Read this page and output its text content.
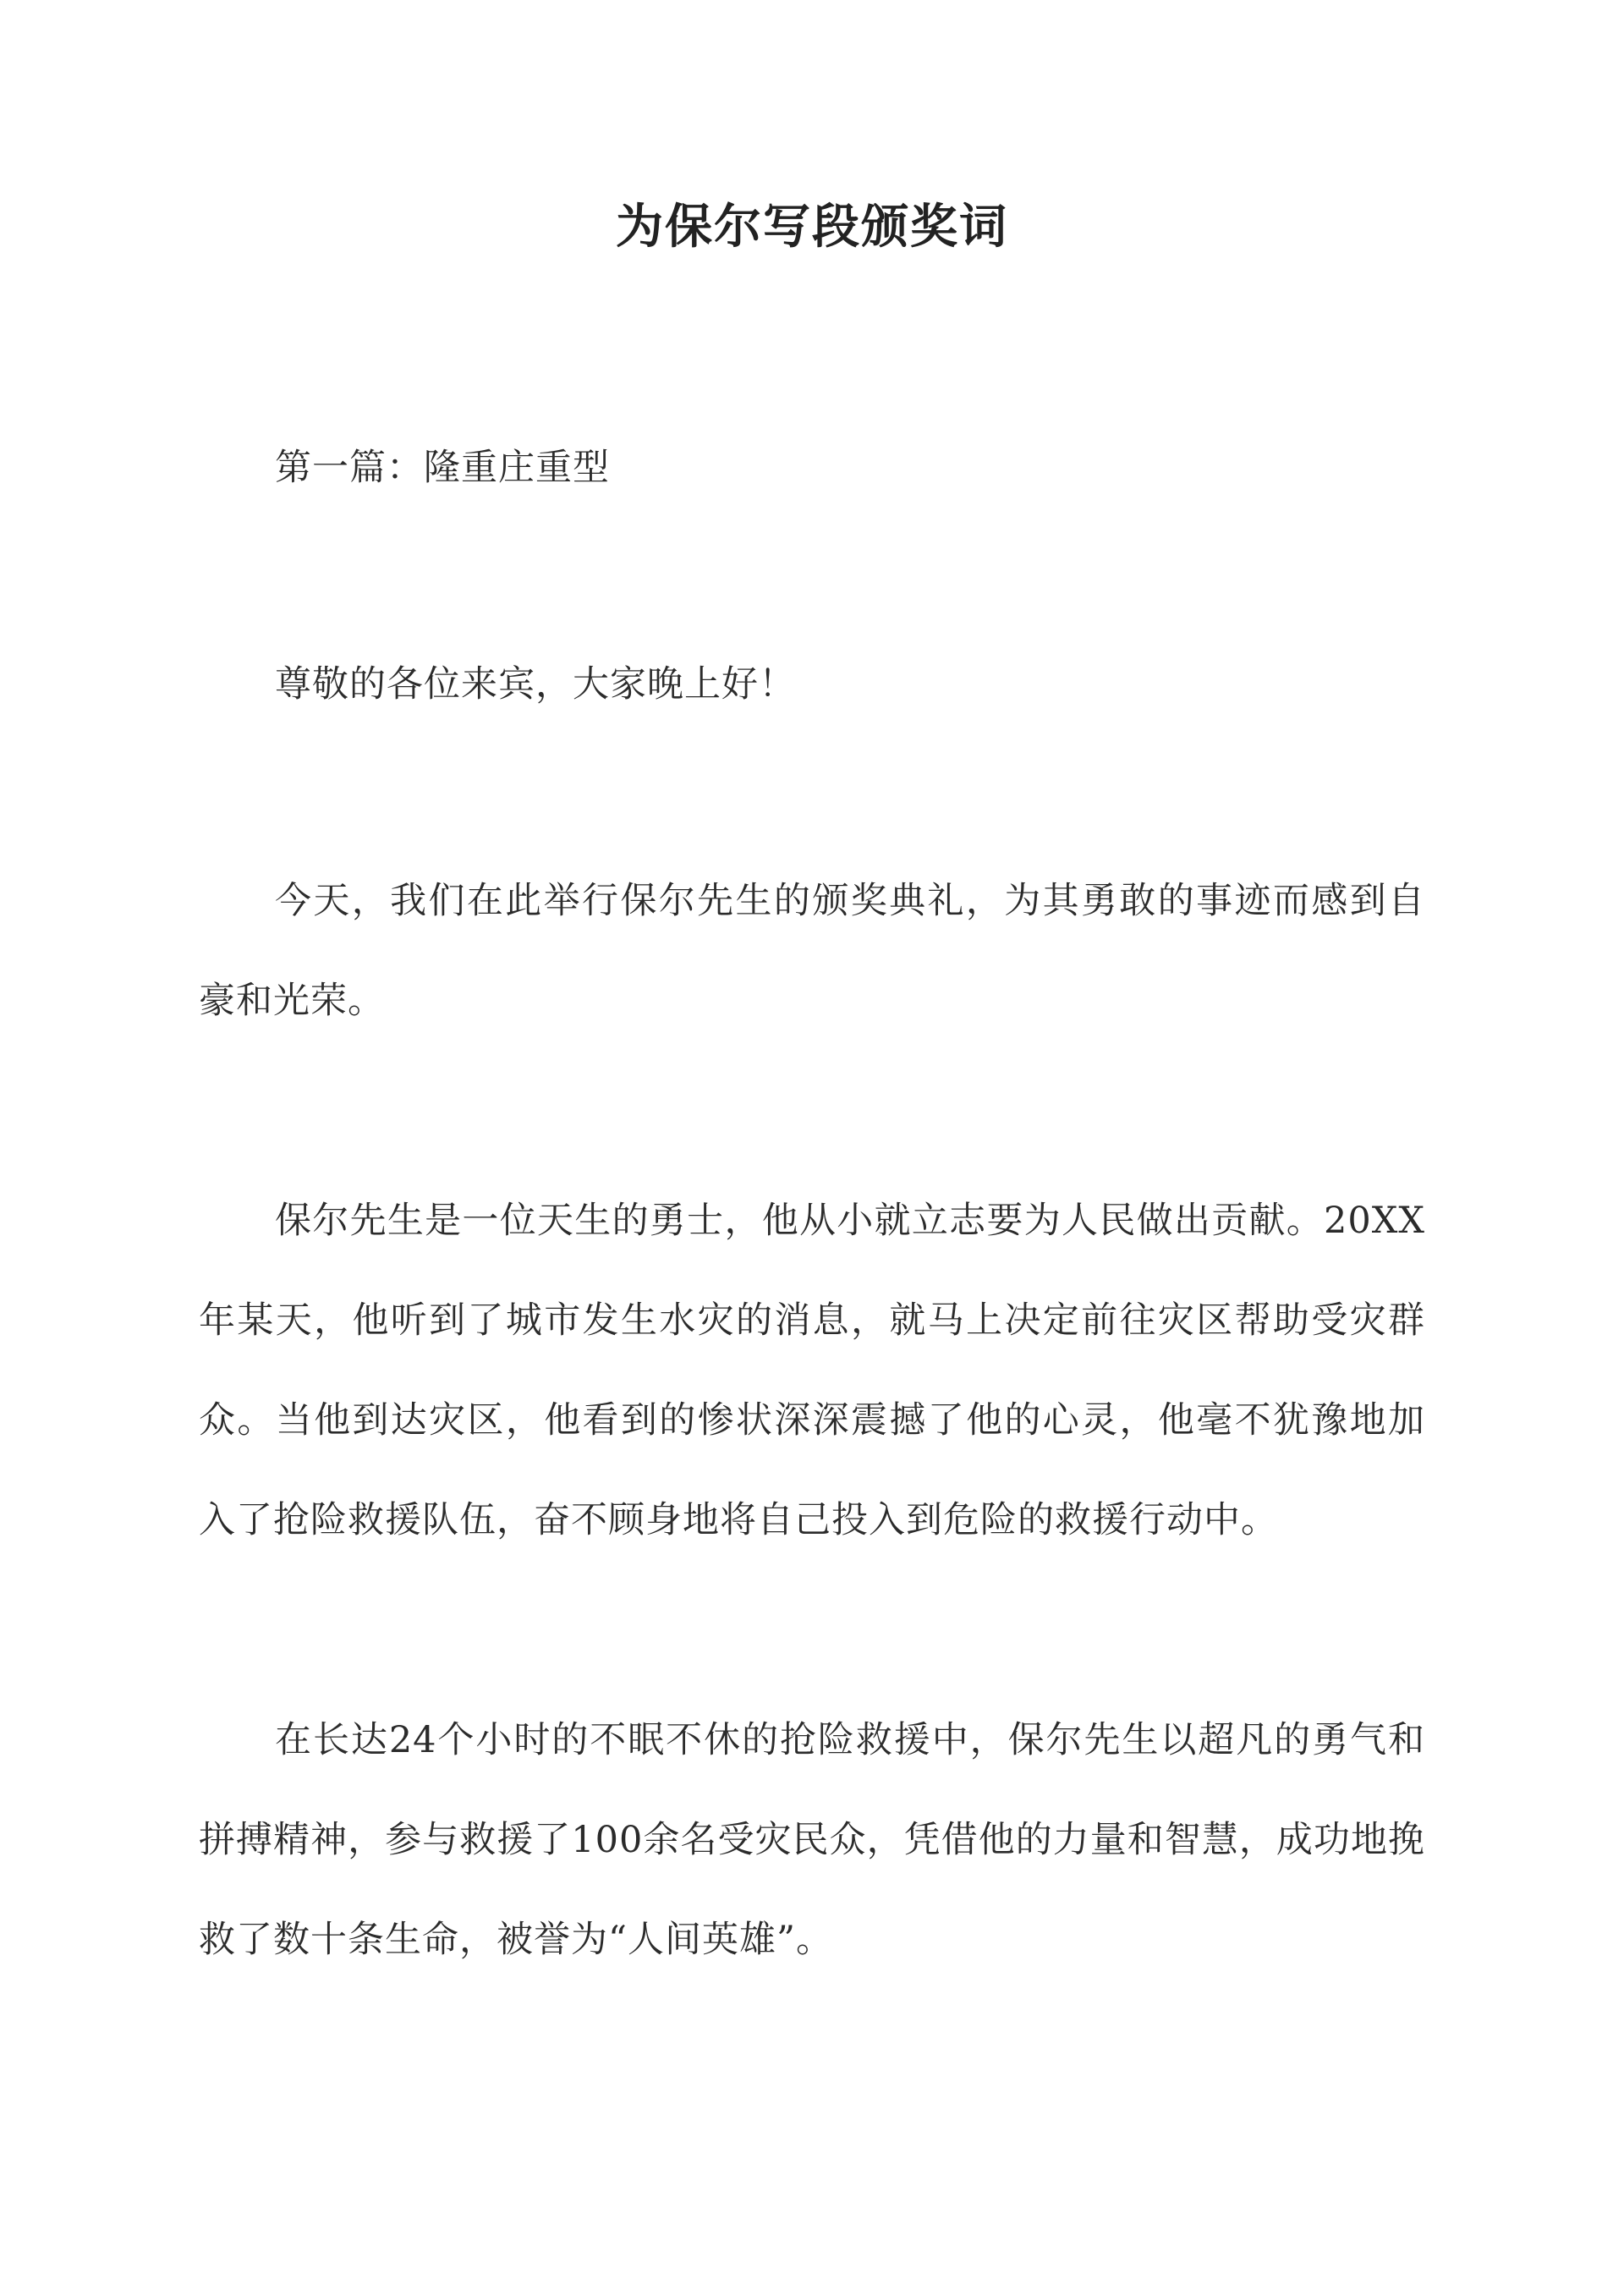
为保尔写段颁奖词

第一篇：隆重庄重型

尊敬的各位来宾，大家晚上好！

今天，我们在此举行保尔先生的颁奖典礼，为其勇敢的事迹而感到自豪和光荣。

保尔先生是一位天生的勇士，他从小就立志要为人民做出贡献。20XX年某天，他听到了城市发生水灾的消息，就马上决定前往灾区帮助受灾群众。当他到达灾区，他看到的惨状深深震撼了他的心灵，他毫不犹豫地加入了抢险救援队伍，奋不顾身地将自己投入到危险的救援行动中。

在长达24个小时的不眠不休的抢险救援中，保尔先生以超凡的勇气和拼搏精神，参与救援了100余名受灾民众，凭借他的力量和智慧，成功地挽救了数十条生命，被誉为“人间英雄”。
